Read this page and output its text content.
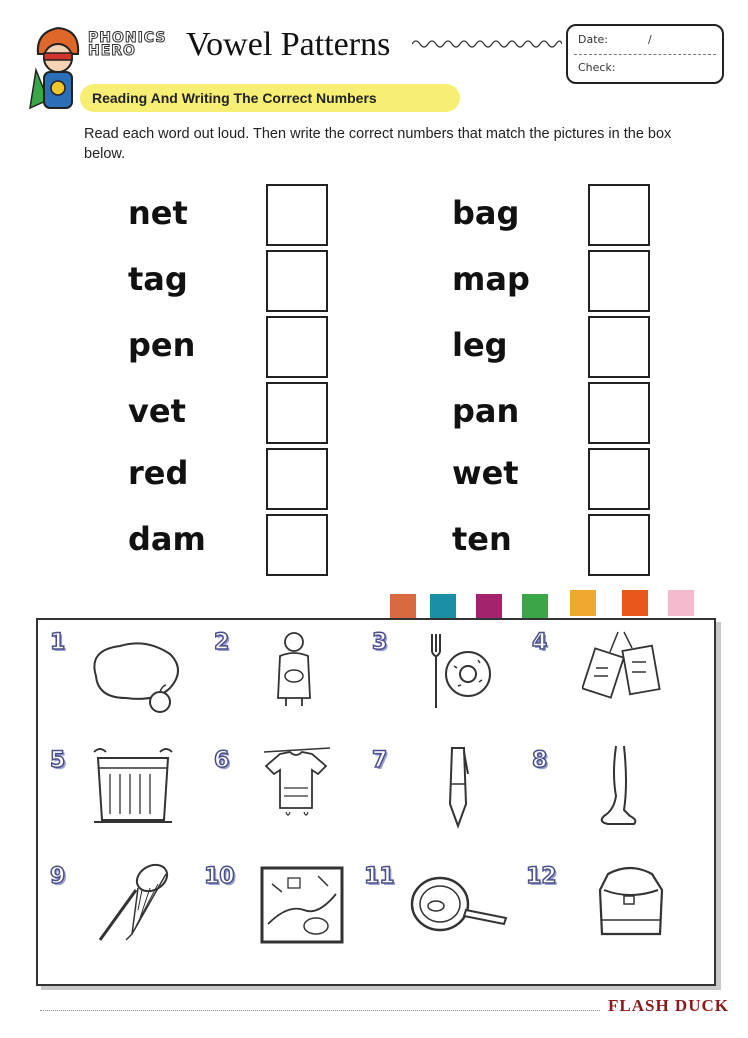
PHONICS
HERO	Vowel Patterns	Date:	/
Check:
Reading And Writing The Correct Numbers
Read each word out loud. Then write the correct numbers that match the pictures in the box below.
net
tag
pen
vet
red
dam
bag
map
leg
pan
wet
ten
1	2	3	4
5	6	7	8
9	10	11	12
FLASH DUCK
